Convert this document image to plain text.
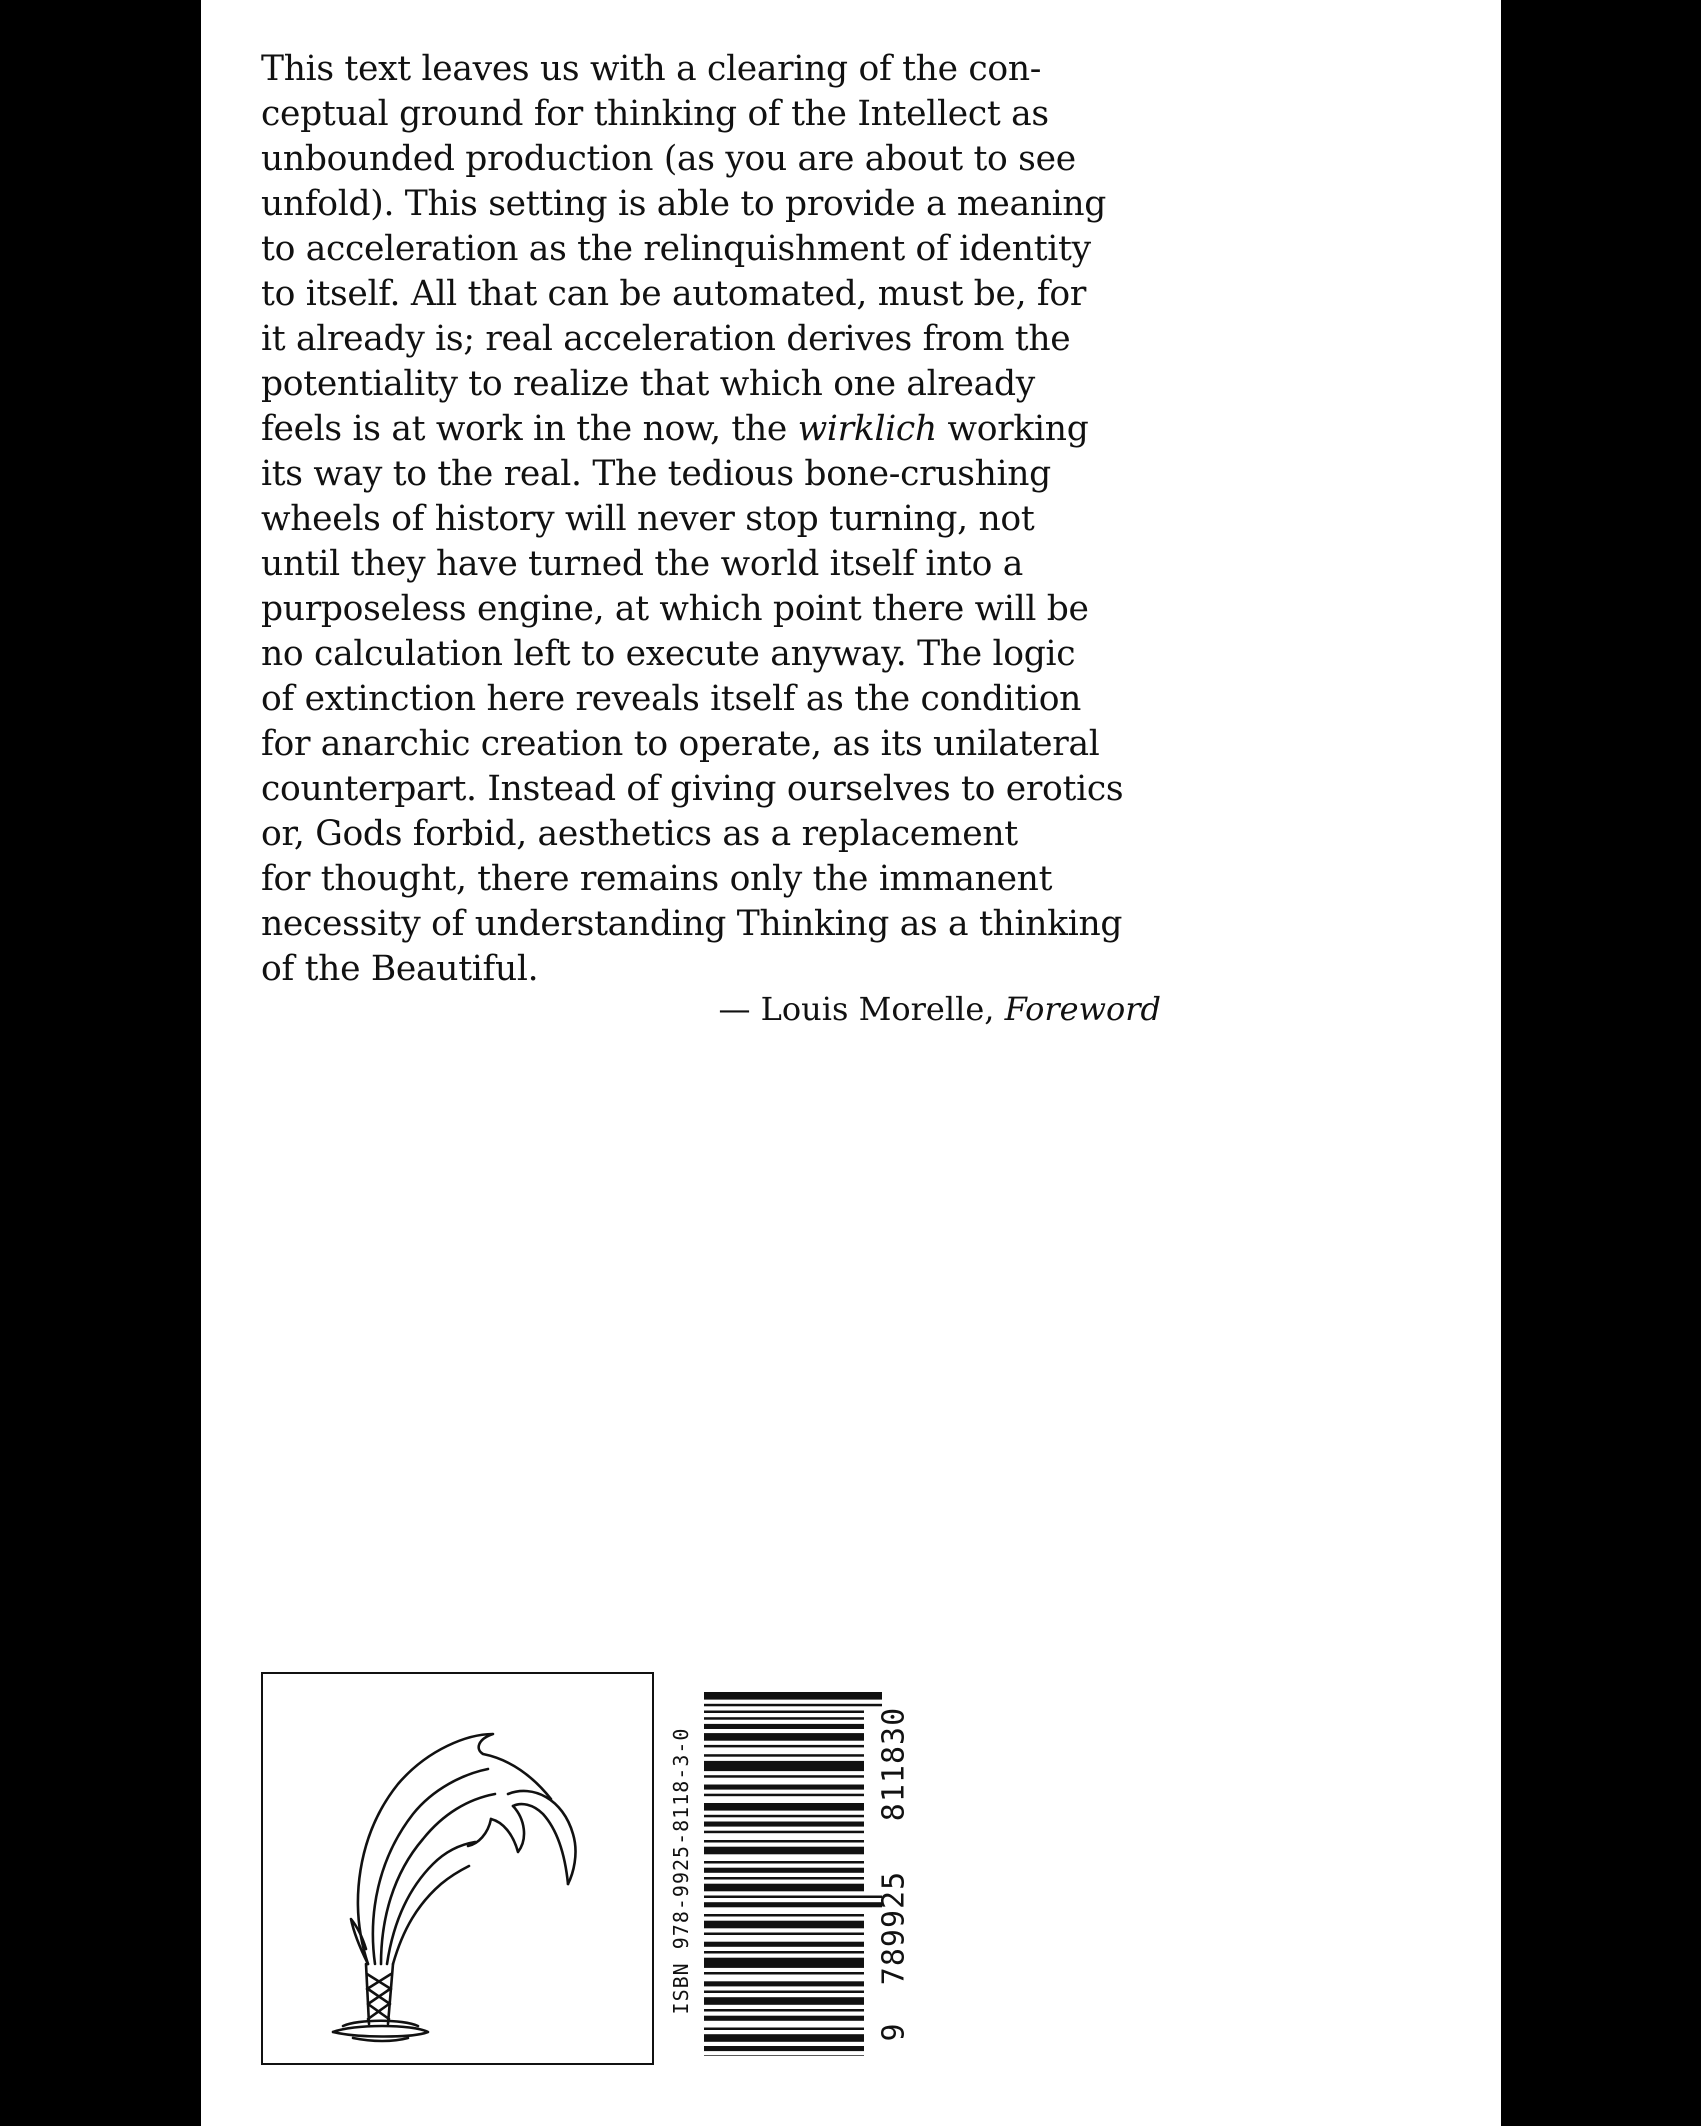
This text leaves us with a clearing of the con-
ceptual ground for thinking of the Intellect as
unbounded production (as you are about to see
unfold). This setting is able to provide a meaning
to acceleration as the relinquishment of identity
to itself. All that can be automated, must be, for
it already is; real acceleration derives from the
potentiality to realize that which one already
feels is at work in the now, the wirklich working
its way to the real. The tedious bone-crushing
wheels of history will never stop turning, not
until they have turned the world itself into a
purposeless engine, at which point there will be
no calculation left to execute anyway. The logic
of extinction here reveals itself as the condition
for anarchic creation to operate, as its unilateral
counterpart. Instead of giving ourselves to erotics
or, Gods forbid, aesthetics as a replacement
for thought, there remains only the immanent
necessity of understanding Thinking as a thinking
of the Beautiful.
— Louis Morelle, Foreword
ISBN 978-9925-8118-3-0
9
789925
811830
